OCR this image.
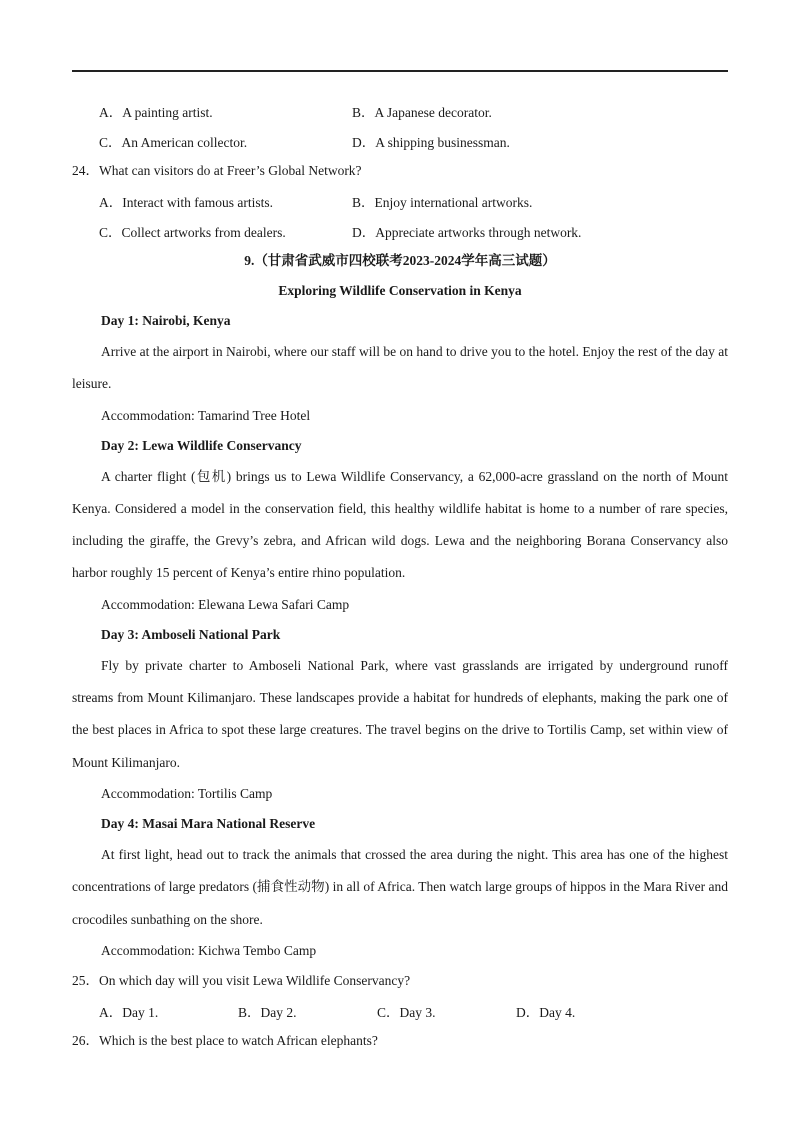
A．A painting artist.	B．A Japanese decorator.
C．An American collector.	D．A shipping businessman.
24．What can visitors do at Freer’s Global Network?
A．Interact with famous artists.	B．Enjoy international artworks.
C．Collect artworks from dealers.	D．Appreciate artworks through network.
9.（甘肃省武威市四校联考2023-2024学年高三试题）
Exploring Wildlife Conservation in Kenya
Day 1: Nairobi, Kenya

Arrive at the airport in Nairobi, where our staff will be on hand to drive you to the hotel. Enjoy the rest of the day at leisure.

Accommodation: Tamarind Tree Hotel
Day 2: Lewa Wildlife Conservancy

A charter flight (包机) brings us to Lewa Wildlife Conservancy, a 62,000-acre grassland on the north of Mount Kenya. Considered a model in the conservation field, this healthy wildlife habitat is home to a number of rare species, including the giraffe, the Grevy’s zebra, and African wild dogs. Lewa and the neighboring Borana Conservancy also harbor roughly 15 percent of Kenya’s entire rhino population.

Accommodation: Elewana Lewa Safari Camp
Day 3: Amboseli National Park

Fly by private charter to Amboseli National Park, where vast grasslands are irrigated by underground runoff streams from Mount Kilimanjaro. These landscapes provide a habitat for hundreds of elephants, making the park one of the best places in Africa to spot these large creatures. The travel begins on the drive to Tortilis Camp, set within view of Mount Kilimanjaro.

Accommodation: Tortilis Camp
Day 4: Masai Mara National Reserve

At first light, head out to track the animals that crossed the area during the night. This area has one of the highest concentrations of large predators (捕食性动物) in all of Africa. Then watch large groups of hippos in the Mara River and crocodiles sunbathing on the shore.

Accommodation: Kichwa Tembo Camp
25．On which day will you visit Lewa Wildlife Conservancy?
A．Day 1.	B．Day 2.	C．Day 3.	D．Day 4.
26．Which is the best place to watch African elephants?
